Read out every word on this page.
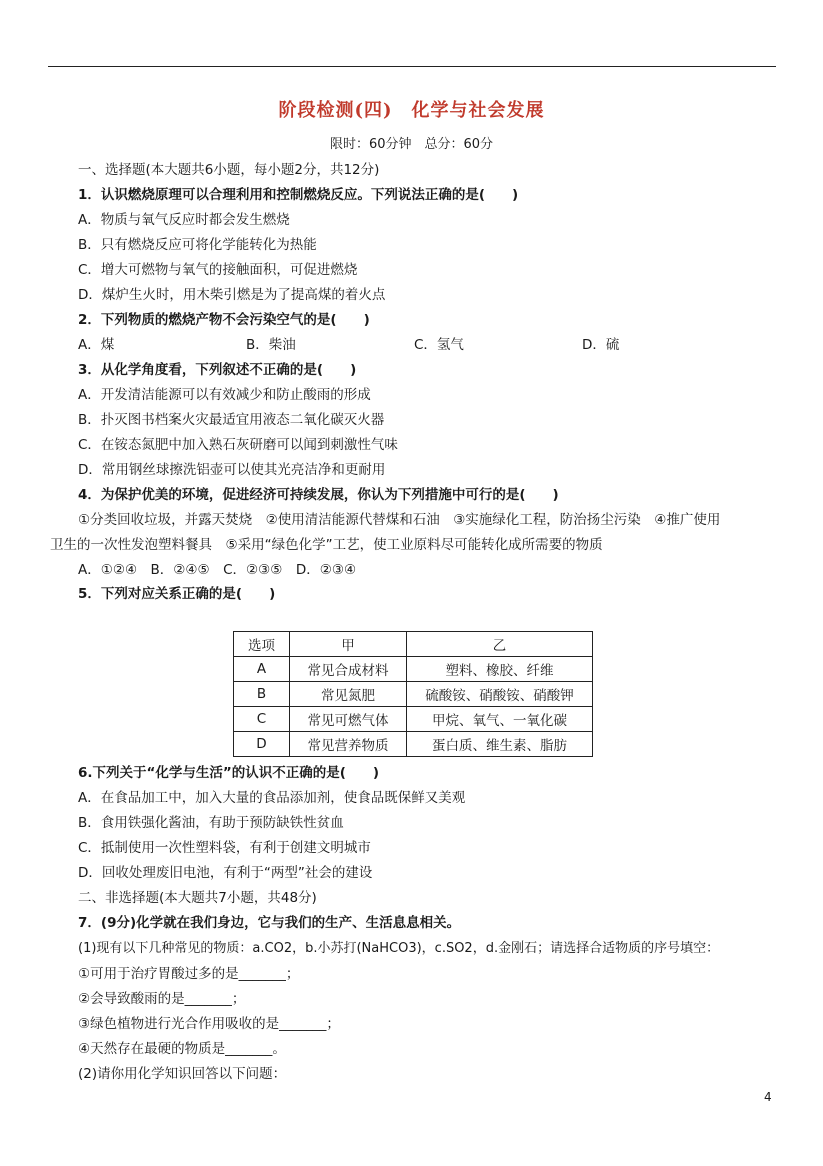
阶段检测(四)　化学与社会发展
限时：60分钟　总分：60分
一、选择题(本大题共6小题，每小题2分，共12分)
1．认识燃烧原理可以合理利用和控制燃烧反应。下列说法正确的是(　　)
A．物质与氧气反应时都会发生燃烧
B．只有燃烧反应可将化学能转化为热能
C．增大可燃物与氧气的接触面积，可促进燃烧
D．煤炉生火时，用木柴引燃是为了提高煤的着火点
2．下列物质的燃烧产物不会污染空气的是(　　)
A．煤	B．柴油	C．氢气	D．硫
3．从化学角度看，下列叙述不正确的是(　　)
A．开发清洁能源可以有效减少和防止酸雨的形成
B．扑灭图书档案火灾最适宜用液态二氧化碳灭火器
C．在铵态氮肥中加入熟石灰研磨可以闻到刺激性气味
D．常用钢丝球擦洗铝壶可以使其光亮洁净和更耐用
4．为保护优美的环境，促进经济可持续发展，你认为下列措施中可行的是(　　)
①分类回收垃圾，并露天焚烧　②使用清洁能源代替煤和石油　③实施绿化工程，防治扬尘污染　④推广使用
卫生的一次性发泡塑料餐具　⑤采用“绿色化学”工艺，使工业原料尽可能转化成所需要的物质
A．①②④　B．②④⑤　C．②③⑤　D．②③④
5．下列对应关系正确的是(　　)
选项	甲	乙
A	常见合成材料	塑料、橡胶、纤维
B	常见氮肥	硫酸铵、硝酸铵、硝酸钾
C	常见可燃气体	甲烷、氧气、一氧化碳
D	常见营养物质	蛋白质、维生素、脂肪
6.下列关于“化学与生活”的认识不正确的是(　　)
A．在食品加工中，加入大量的食品添加剂，使食品既保鲜又美观
B．食用铁强化酱油，有助于预防缺铁性贫血
C．抵制使用一次性塑料袋，有利于创建文明城市
D．回收处理废旧电池，有利于“两型”社会的建设
二、非选择题(本大题共7小题，共48分)
7．(9分)化学就在我们身边，它与我们的生产、生活息息相关。
(1)现有以下几种常见的物质：a.CO2，b.小苏打(NaHCO3)，c.SO2，d.金刚石；请选择合适物质的序号填空：
①可用于治疗胃酸过多的是_______；
②会导致酸雨的是_______；
③绿色植物进行光合作用吸收的是_______；
④天然存在最硬的物质是_______。
(2)请你用化学知识回答以下问题：
4
